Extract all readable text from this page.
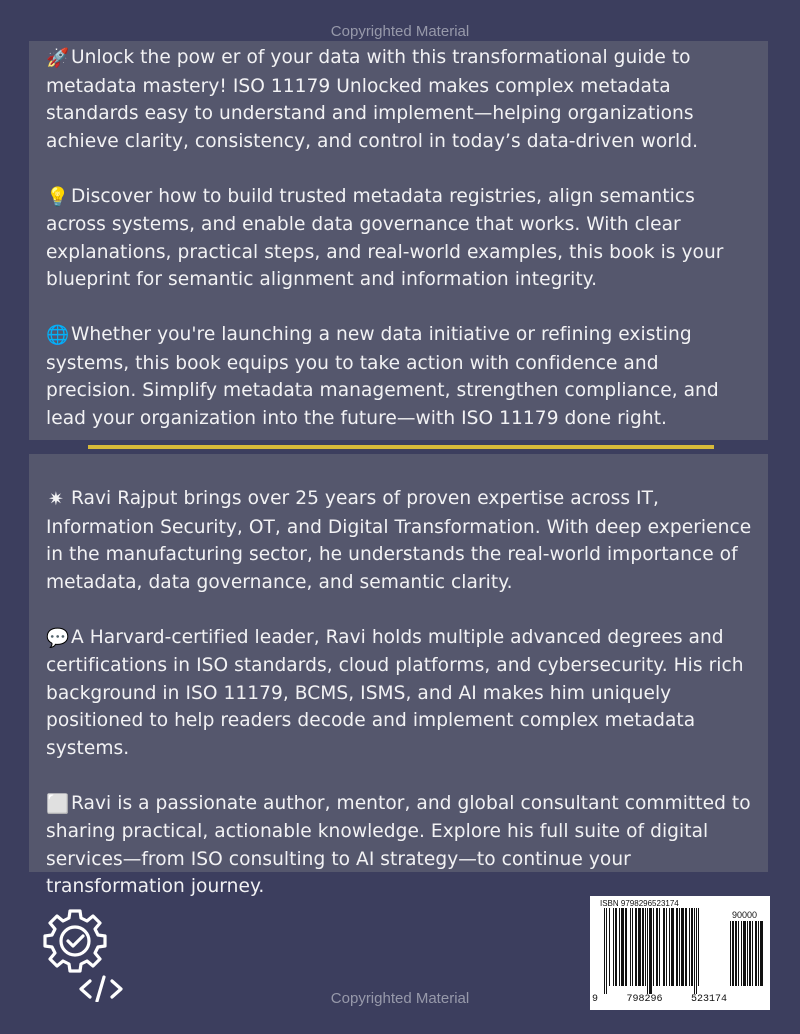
Copyrighted Material

🚀Unlock the pow er of your data with this transformational guide to metadata mastery! ISO 11179 Unlocked makes complex metadata standards easy to understand and implement—helping organizations achieve clarity, consistency, and control in today’s data-driven world.

💡Discover how to build trusted metadata registries, align semantics across systems, and enable data governance that works. With clear explanations, practical steps, and real-world examples, this book is your blueprint for semantic alignment and information integrity.

🌐Whether you're launching a new data initiative or refining existing systems, this book equips you to take action with confidence and precision. Simplify metadata management, strengthen compliance, and lead your organization into the future—with ISO 11179 done right.

✷ Ravi Rajput brings over 25 years of proven expertise across IT, Information Security, OT, and Digital Transformation. With deep experience in the manufacturing sector, he understands the real-world importance of metadata, data governance, and semantic clarity.

💬A Harvard-certified leader, Ravi holds multiple advanced degrees and certifications in ISO standards, cloud platforms, and cybersecurity. His rich background in ISO 11179, BCMS, ISMS, and AI makes him uniquely positioned to help readers decode and implement complex metadata systems.

⬜Ravi is a passionate author, mentor, and global consultant committed to sharing practical, actionable knowledge. Explore his full suite of digital services—from ISO consulting to AI strategy—to continue your transformation journey.

ISBN 9798296523174
90000
9	798296	523174
Copyrighted Material
